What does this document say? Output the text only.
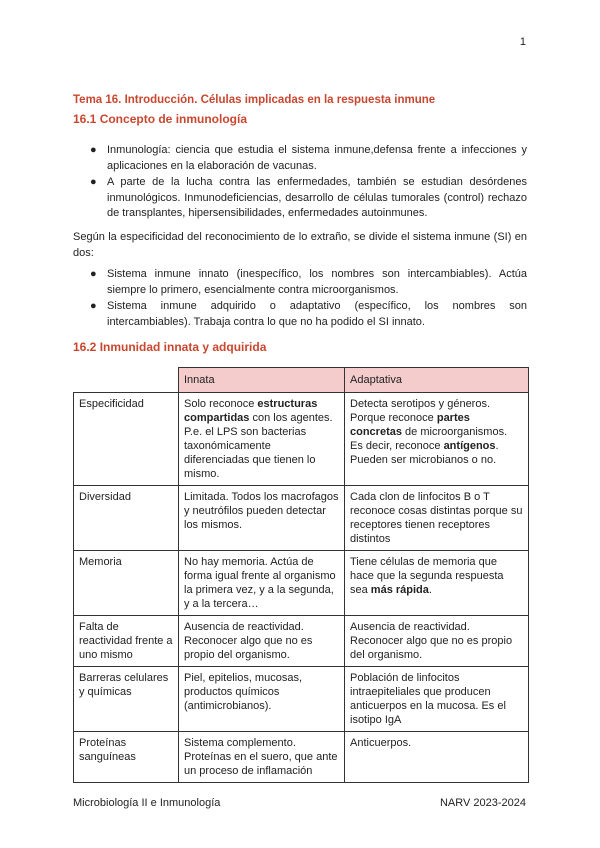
1
Tema 16. Introducción. Células implicadas en la respuesta inmune
16.1 Concepto de inmunología
● Inmunología: ciencia que estudia el sistema inmune,defensa frente a infecciones y aplicaciones en la elaboración de vacunas.
● A parte de la lucha contra las enfermedades, también se estudian desórdenes inmunológicos. Inmunodeficiencias, desarrollo de células tumorales (control) rechazo de transplantes, hipersensibilidades, enfermedades autoinmunes.
Según la especificidad del reconocimiento de lo extraño, se divide el sistema inmune (SI) en dos:
● Sistema inmune innato (inespecífico, los nombres son intercambiables). Actúa siempre lo primero, esencialmente contra microorganismos.
● Sistema inmune adquirido o adaptativo (específico, los nombres son intercambiables). Trabaja contra lo que no ha podido el SI innato.
16.2 Inmunidad innata y adquirida
	Innata	Adaptativa
Especificidad	Solo reconoce estructuras compartidas con los agentes. P.e. el LPS son bacterias taxonómicamente diferenciadas que tienen lo mismo.	Detecta serotipos y géneros. Porque reconoce partes concretas de microorganismos. Es decir, reconoce antígenos. Pueden ser microbianos o no.
Diversidad	Limitada. Todos los macrofagos y neutrófilos pueden detectar los mismos.	Cada clon de linfocitos B o T reconoce cosas distintas porque su receptores tienen receptores distintos
Memoria	No hay memoria. Actúa de forma igual frente al organismo la primera vez, y a la segunda, y a la tercera…	Tiene células de memoria que hace que la segunda respuesta sea más rápida.
Falta de reactividad frente a uno mismo	Ausencia de reactividad. Reconocer algo que no es propio del organismo.	Ausencia de reactividad. Reconocer algo que no es propio del organismo.
Barreras celulares y químicas	Piel, epitelios, mucosas, productos químicos (antimicrobianos).	Población de linfocitos intraepiteliales que producen anticuerpos en la mucosa. Es el isotipo IgA
Proteínas sanguíneas	Sistema complemento. Proteínas en el suero, que ante un proceso de inflamación	Anticuerpos.
Microbiología II e Inmunología	NARV 2023-2024
